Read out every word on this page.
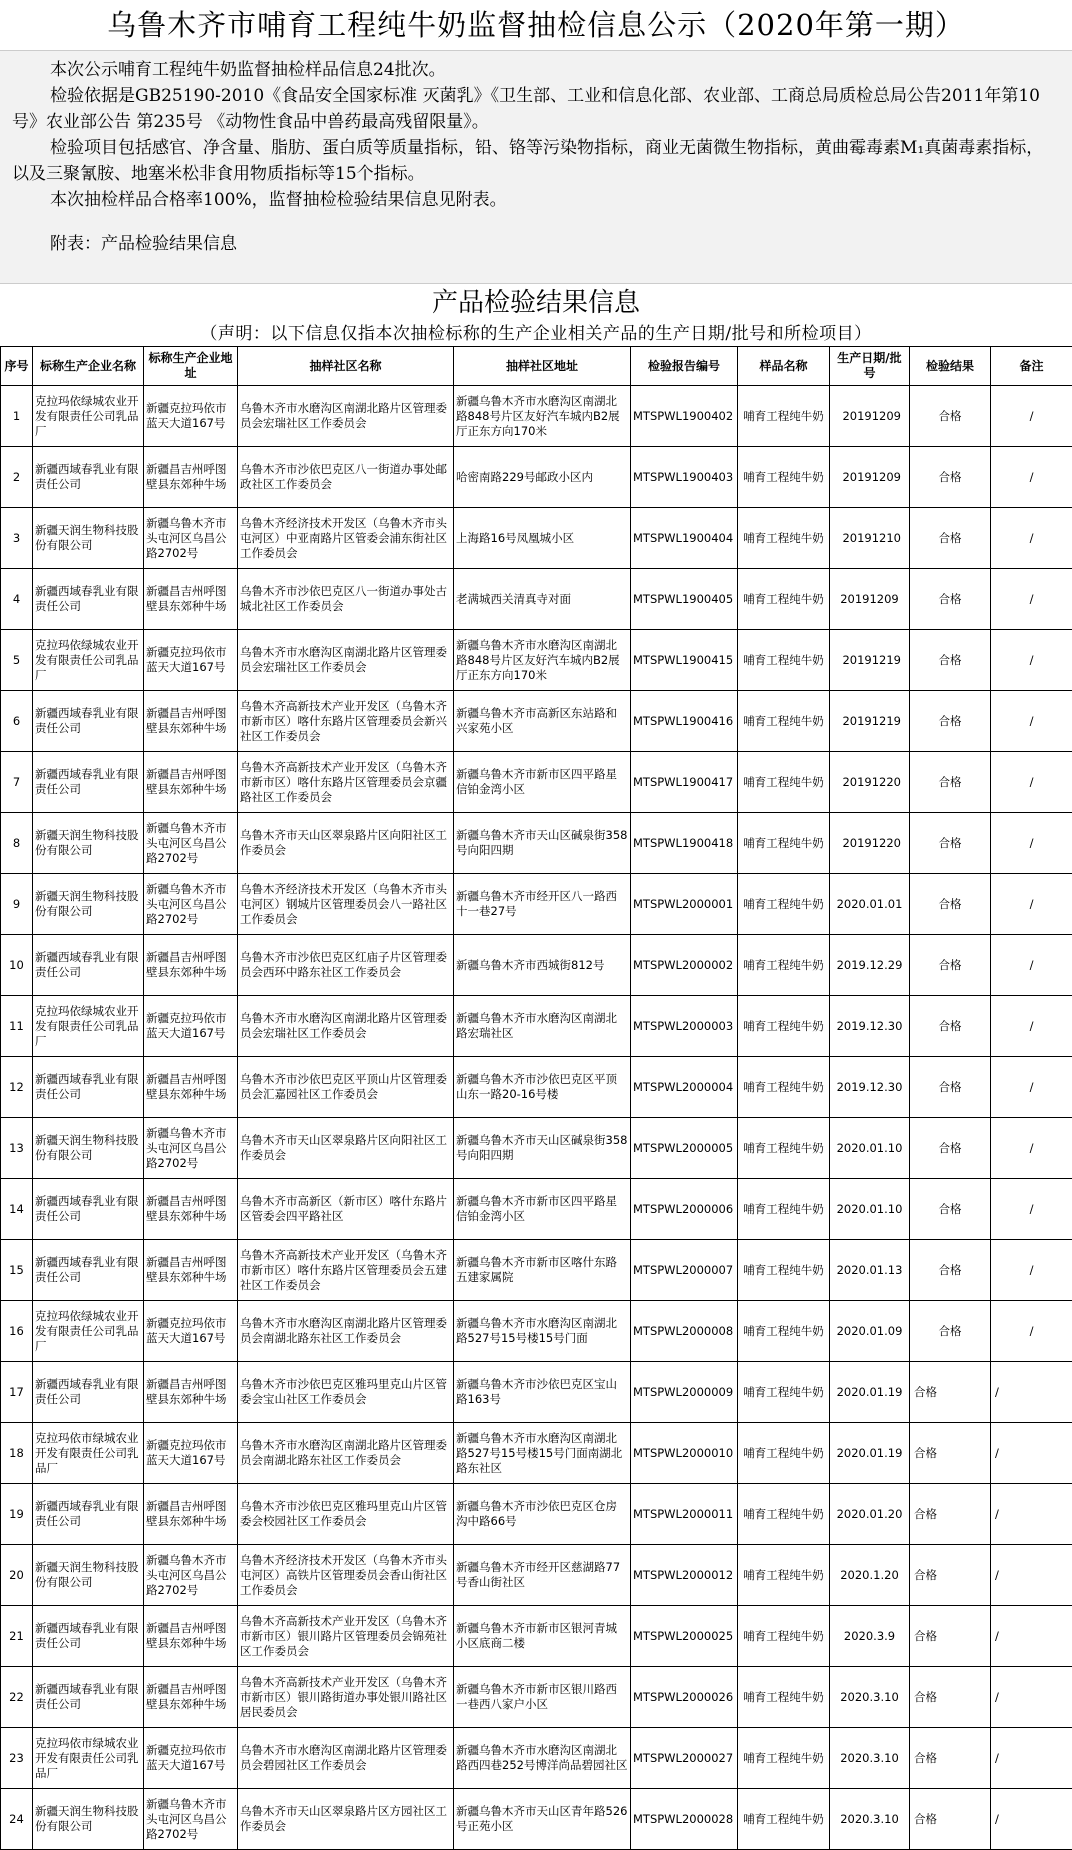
乌鲁木齐市哺育工程纯牛奶监督抽检信息公示（2020年第一期）

本次公示哺育工程纯牛奶监督抽检样品信息24批次。

检验依据是GB25190-2010《食品安全国家标准 灭菌乳》《卫生部、工业和信息化部、农业部、工商总局质检总局公告2011年第10号》农业部公告 第235号 《动物性食品中兽药最高残留限量》。

检验项目包括感官、净含量、脂肪、蛋白质等质量指标，铅、铬等污染物指标，商业无菌微生物指标，黄曲霉毒素M₁真菌毒素指标，以及三聚氰胺、地塞米松非食用物质指标等15个指标。

本次抽检样品合格率100%，监督抽检检验结果信息见附表。

附表：产品检验结果信息

产品检验结果信息
（声明：以下信息仅指本次抽检标称的生产企业相关产品的生产日期/批号和所检项目）
序号	标称生产企业名称	标称生产企业地址	抽样社区名称	抽样社区地址	检验报告编号	样品名称	生产日期/批号	检验结果	备注
1	克拉玛依绿城农业开发有限责任公司乳品厂	新疆克拉玛依市蓝天大道167号	乌鲁木齐市水磨沟区南湖北路片区管理委员会宏瑞社区工作委员会	新疆乌鲁木齐市水磨沟区南湖北路848号片区友好汽车城内B2展厅正东方向170米	MTSPWL1900402	哺育工程纯牛奶	20191209	合格	/
2	新疆西域春乳业有限责任公司	新疆昌吉州呼图壁县东郊种牛场	乌鲁木齐市沙依巴克区八一街道办事处邮政社区工作委员会	哈密南路229号邮政小区内	MTSPWL1900403	哺育工程纯牛奶	20191209	合格	/
3	新疆天润生物科技股份有限公司	新疆乌鲁木齐市头屯河区乌昌公路2702号	乌鲁木齐经济技术开发区（乌鲁木齐市头屯河区）中亚南路片区管委会浦东街社区工作委员会	上海路16号凤凰城小区	MTSPWL1900404	哺育工程纯牛奶	20191210	合格	/
4	新疆西域春乳业有限责任公司	新疆昌吉州呼图壁县东郊种牛场	乌鲁木齐市沙依巴克区八一街道办事处古城北社区工作委员会	老满城西关清真寺对面	MTSPWL1900405	哺育工程纯牛奶	20191209	合格	/
5	克拉玛依绿城农业开发有限责任公司乳品厂	新疆克拉玛依市蓝天大道167号	乌鲁木齐市水磨沟区南湖北路片区管理委员会宏瑞社区工作委员会	新疆乌鲁木齐市水磨沟区南湖北路848号片区友好汽车城内B2展厅正东方向170米	MTSPWL1900415	哺育工程纯牛奶	20191219	合格	/
6	新疆西域春乳业有限责任公司	新疆昌吉州呼图壁县东郊种牛场	乌鲁木齐高新技术产业开发区（乌鲁木齐市新市区）喀什东路片区管理委员会新兴社区工作委员会	新疆乌鲁木齐市高新区东站路和兴家苑小区	MTSPWL1900416	哺育工程纯牛奶	20191219	合格	/
7	新疆西域春乳业有限责任公司	新疆昌吉州呼图壁县东郊种牛场	乌鲁木齐高新技术产业开发区（乌鲁木齐市新市区）喀什东路片区管理委员会京疆路社区工作委员会	新疆乌鲁木齐市新市区四平路星信铂金湾小区	MTSPWL1900417	哺育工程纯牛奶	20191220	合格	/
8	新疆天润生物科技股份有限公司	新疆乌鲁木齐市头屯河区乌昌公路2702号	乌鲁木齐市天山区翠泉路片区向阳社区工作委员会	新疆乌鲁木齐市天山区碱泉街358号向阳四期	MTSPWL1900418	哺育工程纯牛奶	20191220	合格	/
9	新疆天润生物科技股份有限公司	新疆乌鲁木齐市头屯河区乌昌公路2702号	乌鲁木齐经济技术开发区（乌鲁木齐市头屯河区）钢城片区管理委员会八一路社区工作委员会	新疆乌鲁木齐市经开区八一路西十一巷27号	MTSPWL2000001	哺育工程纯牛奶	2020.01.01	合格	/
10	新疆西域春乳业有限责任公司	新疆昌吉州呼图壁县东郊种牛场	乌鲁木齐市沙依巴克区红庙子片区管理委员会西环中路东社区工作委员会	新疆乌鲁木齐市西城街812号	MTSPWL2000002	哺育工程纯牛奶	2019.12.29	合格	/
11	克拉玛依绿城农业开发有限责任公司乳品厂	新疆克拉玛依市蓝天大道167号	乌鲁木齐市水磨沟区南湖北路片区管理委员会宏瑞社区工作委员会	新疆乌鲁木齐市水磨沟区南湖北路宏瑞社区	MTSPWL2000003	哺育工程纯牛奶	2019.12.30	合格	/
12	新疆西域春乳业有限责任公司	新疆昌吉州呼图壁县东郊种牛场	乌鲁木齐市沙依巴克区平顶山片区管理委员会汇嘉园社区工作委员会	新疆乌鲁木齐市沙依巴克区平顶山东一路20-16号楼	MTSPWL2000004	哺育工程纯牛奶	2019.12.30	合格	/
13	新疆天润生物科技股份有限公司	新疆乌鲁木齐市头屯河区乌昌公路2702号	乌鲁木齐市天山区翠泉路片区向阳社区工作委员会	新疆乌鲁木齐市天山区碱泉街358号向阳四期	MTSPWL2000005	哺育工程纯牛奶	2020.01.10	合格	/
14	新疆西域春乳业有限责任公司	新疆昌吉州呼图壁县东郊种牛场	乌鲁木齐市高新区（新市区）喀什东路片区管委会四平路社区	新疆乌鲁木齐市新市区四平路星信铂金湾小区	MTSPWL2000006	哺育工程纯牛奶	2020.01.10	合格	/
15	新疆西域春乳业有限责任公司	新疆昌吉州呼图壁县东郊种牛场	乌鲁木齐高新技术产业开发区（乌鲁木齐市新市区）喀什东路片区管理委员会五建社区工作委员会	新疆乌鲁木齐市新市区喀什东路五建家属院	MTSPWL2000007	哺育工程纯牛奶	2020.01.13	合格	/
16	克拉玛依绿城农业开发有限责任公司乳品厂	新疆克拉玛依市蓝天大道167号	乌鲁木齐市水磨沟区南湖北路片区管理委员会南湖北路东社区工作委员会	新疆乌鲁木齐市水磨沟区南湖北路527号15号楼15号门面	MTSPWL2000008	哺育工程纯牛奶	2020.01.09	合格	/
17	新疆西域春乳业有限责任公司	新疆昌吉州呼图壁县东郊种牛场	乌鲁木齐市沙依巴克区雅玛里克山片区管委会宝山社区工作委员会	新疆乌鲁木齐市沙依巴克区宝山路163号	MTSPWL2000009	哺育工程纯牛奶	2020.01.19	合格	/
18	克拉玛依市绿城农业开发有限责任公司乳品厂	新疆克拉玛依市蓝天大道167号	乌鲁木齐市水磨沟区南湖北路片区管理委员会南湖北路东社区工作委员会	新疆乌鲁木齐市水磨沟区南湖北路527号15号楼15号门面南湖北路东社区	MTSPWL2000010	哺育工程纯牛奶	2020.01.19	合格	/
19	新疆西域春乳业有限责任公司	新疆昌吉州呼图壁县东郊种牛场	乌鲁木齐市沙依巴克区雅玛里克山片区管委会校园社区工作委员会	新疆乌鲁木齐市沙依巴克区仓房沟中路66号	MTSPWL2000011	哺育工程纯牛奶	2020.01.20	合格	/
20	新疆天润生物科技股份有限公司	新疆乌鲁木齐市头屯河区乌昌公路2702号	乌鲁木齐经济技术开发区（乌鲁木齐市头屯河区）高铁片区管理委员会香山街社区工作委员会	新疆乌鲁木齐市经开区慈湖路77号香山街社区	MTSPWL2000012	哺育工程纯牛奶	2020.1.20	合格	/
21	新疆西域春乳业有限责任公司	新疆昌吉州呼图壁县东郊种牛场	乌鲁木齐高新技术产业开发区（乌鲁木齐市新市区）银川路片区管理委员会锦苑社区工作委员会	新疆乌鲁木齐市新市区银河青城小区底商二楼	MTSPWL2000025	哺育工程纯牛奶	2020.3.9	合格	/
22	新疆西域春乳业有限责任公司	新疆昌吉州呼图壁县东郊种牛场	乌鲁木齐高新技术产业开发区（乌鲁木齐市新市区）银川路街道办事处银川路社区居民委员会	新疆乌鲁木齐市新市区银川路西一巷西八家户小区	MTSPWL2000026	哺育工程纯牛奶	2020.3.10	合格	/
23	克拉玛依市绿城农业开发有限责任公司乳品厂	新疆克拉玛依市蓝天大道167号	乌鲁木齐市水磨沟区南湖北路片区管理委员会碧园社区工作委员会	新疆乌鲁木齐市水磨沟区南湖北路西四巷252号博洋尚品碧园社区	MTSPWL2000027	哺育工程纯牛奶	2020.3.10	合格	/
24	新疆天润生物科技股份有限公司	新疆乌鲁木齐市头屯河区乌昌公路2702号	乌鲁木齐市天山区翠泉路片区方园社区工作委员会	新疆乌鲁木齐市天山区青年路526号正苑小区	MTSPWL2000028	哺育工程纯牛奶	2020.3.10	合格	/
